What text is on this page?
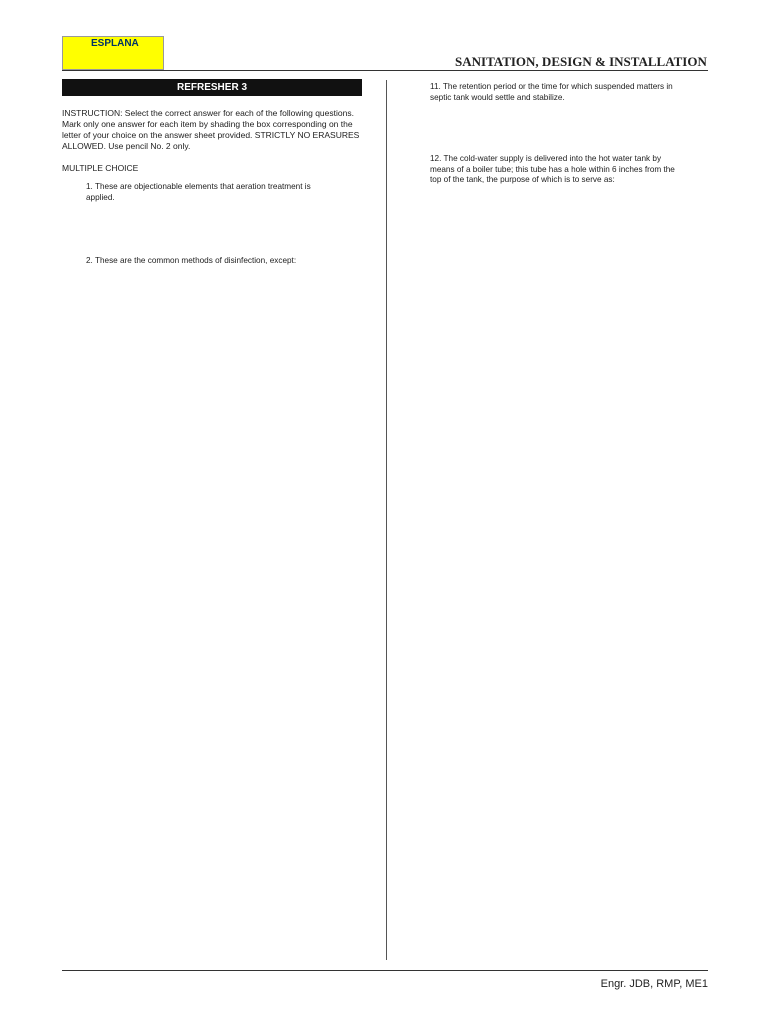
ESPLANA
SANITATION, DESIGN & INSTALLATION
REFRESHER 3
INSTRUCTION: Select the correct answer for each of the following questions. Mark only one answer for each item by shading the box corresponding on the letter of your choice on the answer sheet provided. STRICTLY NO ERASURES ALLOWED. Use pencil No. 2 only.

MULTIPLE CHOICE
1. These are objectionable elements that aeration treatment is applied.
2. These are the common methods of disinfection, except:
11. The retention period or the time for which suspended matters in septic tank would settle and stabilize.
12. The cold-water supply is delivered into the hot water tank by means of a boiler tube; this tube has a hole within 6 inches from the top of the tank, the purpose of which is to serve as:
Engr. JDB, RMP, ME1
